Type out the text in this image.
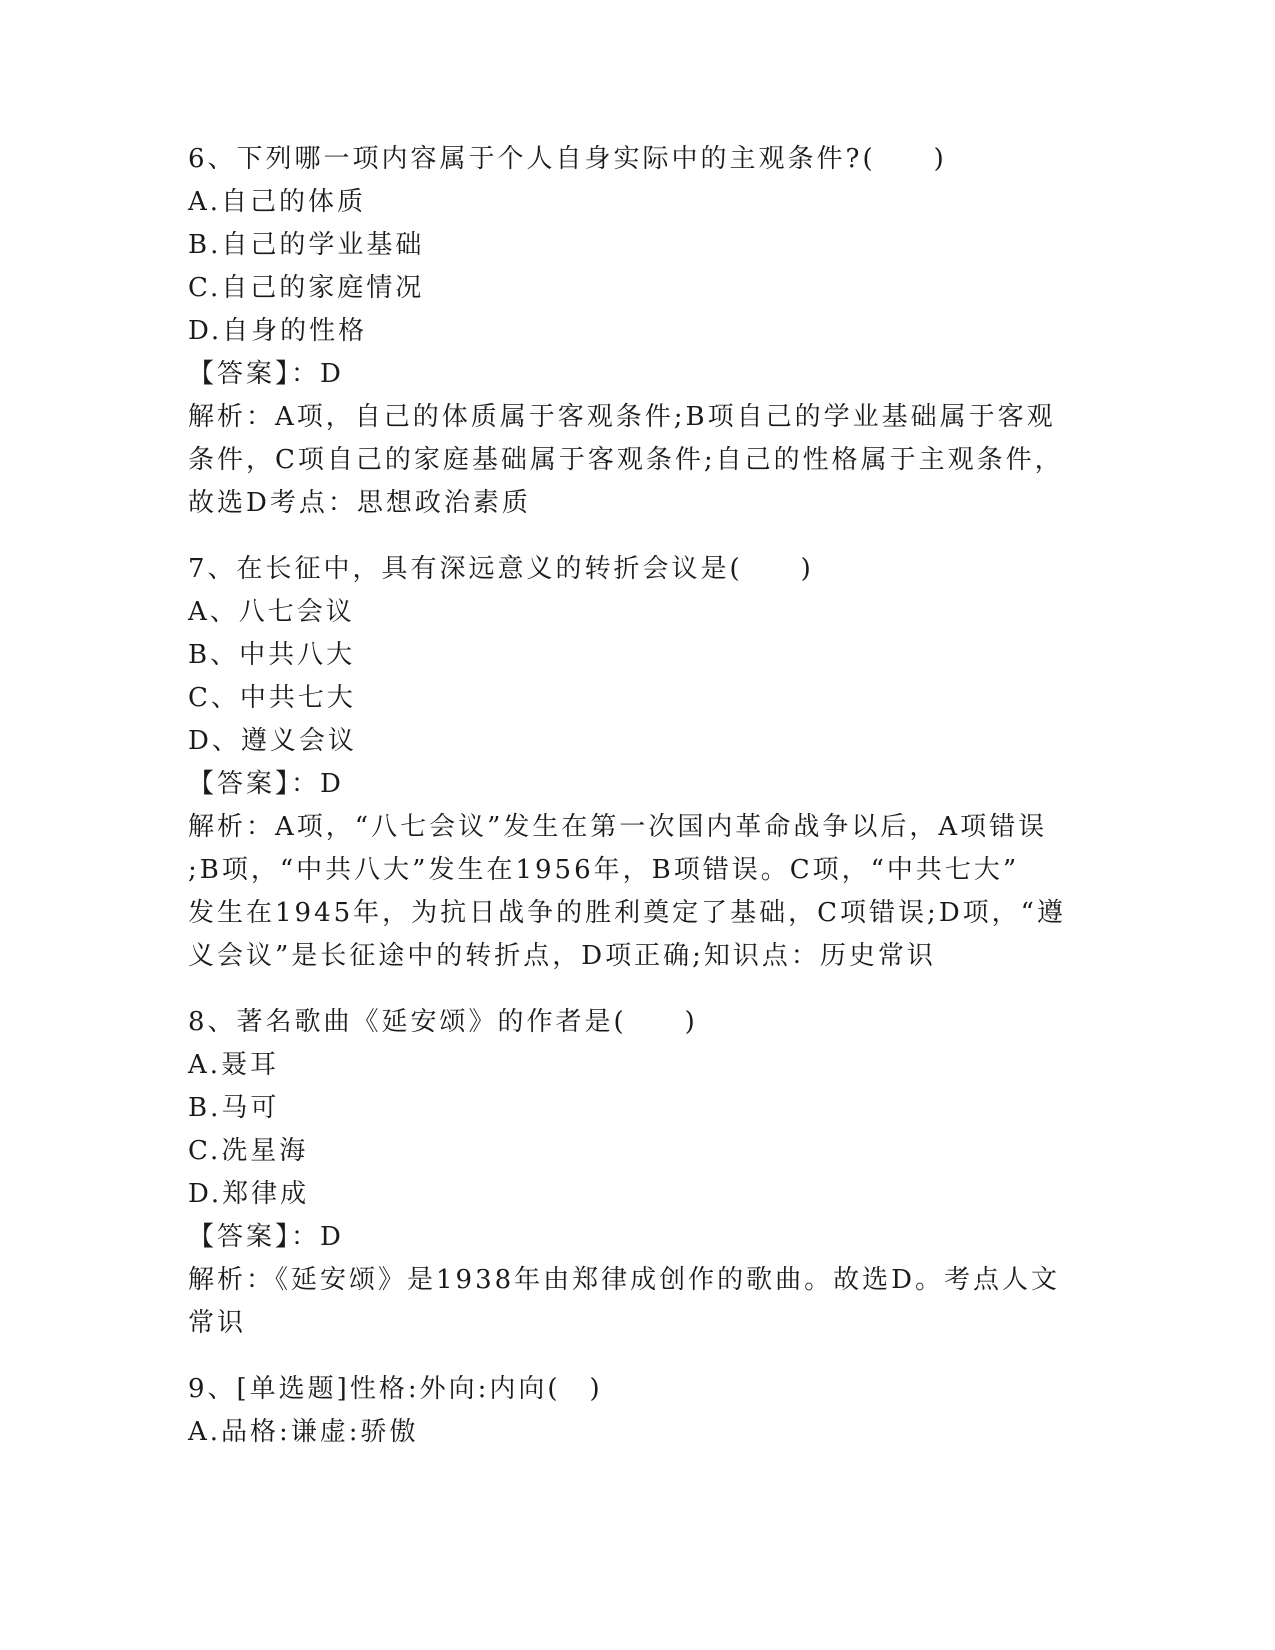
6、下列哪一项内容属于个人自身实际中的主观条件?(　　)
A.自己的体质
B.自己的学业基础
C.自己的家庭情况
D.自身的性格
【答案】：D
解析：A项，自己的体质属于客观条件;B项自己的学业基础属于客观
条件，C项自己的家庭基础属于客观条件;自己的性格属于主观条件，
故选D考点：思想政治素质
7、在长征中，具有深远意义的转折会议是(　　)
A、八七会议
B、中共八大
C、中共七大
D、遵义会议
【答案】：D
解析：A项，“八七会议”发生在第一次国内革命战争以后，A项错误
;B项，“中共八大”发生在1956年，B项错误。C项，“中共七大”
发生在1945年，为抗日战争的胜利奠定了基础，C项错误;D项，“遵
义会议”是长征途中的转折点，D项正确;知识点：历史常识
8、著名歌曲《延安颂》的作者是(　　)
A.聂耳
B.马可
C.冼星海
D.郑律成
【答案】：D
解析：《延安颂》是1938年由郑律成创作的歌曲。故选D。考点人文
常识
9、[单选题]性格:外向:内向(　)
A.品格:谦虚:骄傲
